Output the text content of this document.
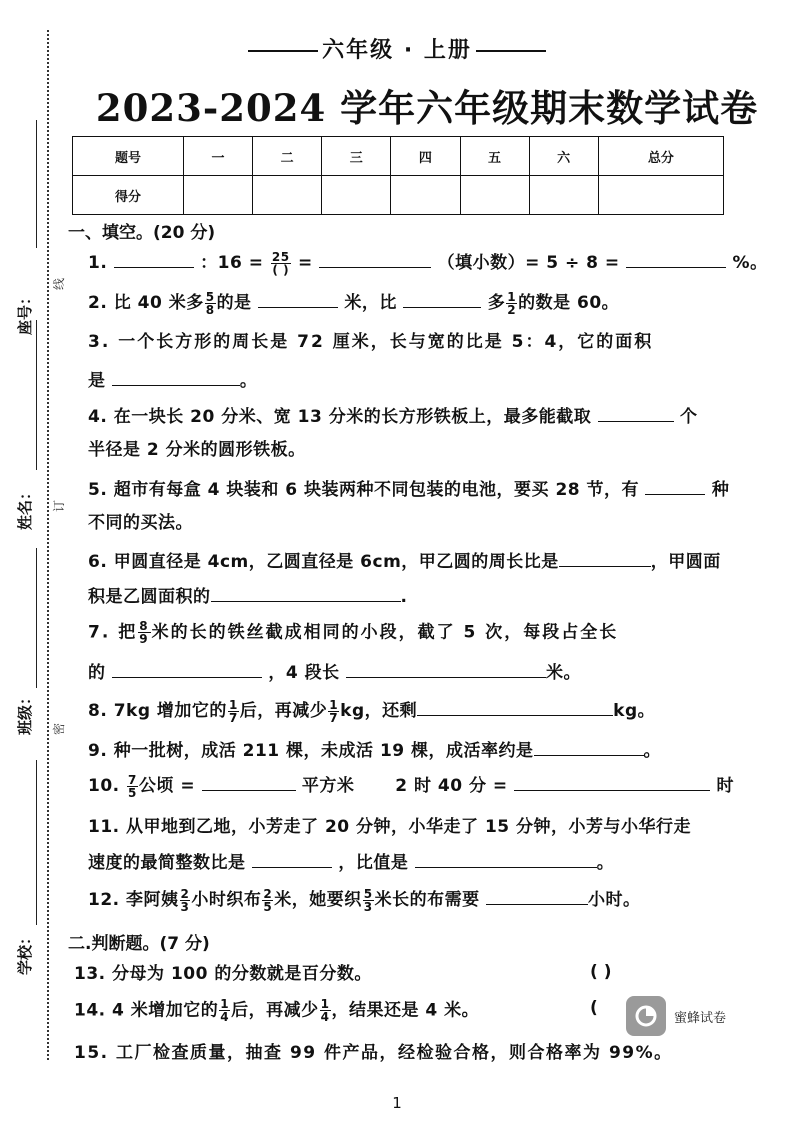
座号：
线
姓名： 订
班级： 密
学校：
六年级 · 上册
2023-2024 学年六年级期末数学试卷
题号	一	二	三	四	五	六	总分
得分							
一、填空。(20 分)
1.	：$16 = \frac{25}{( )}$ =	（填小数）= 5 ÷ 8 =	%。
2. 比 40 米多 $\frac{5}{8}$ 的是	米，比	多 $\frac{1}{2}$ 的数是 60。
3. 一个长方形的周长是 72 厘米，长与宽的比是 5：4，它的面积
是	。
4. 在一块长 20 分米、宽 13 分米的长方形铁板上，最多能截取	个
半径是 2 分米的圆形铁板。
5. 超市有每盒 4 块装和 6 块装两种不同包装的电池，要买 28 节，有	种
不同的买法。
6. 甲圆直径是 4cm，乙圆直径是 6cm，甲乙圆的周长比是	，甲圆面
积是乙圆面积的	.
7. 把 $\frac{8}{9}$ 米的长的铁丝截成相同的小段，截了 5 次，每段占全长
的	，4 段长	米。
8. 7kg 增加它的 $\frac{1}{7}$ 后，再减少 $\frac{1}{7}$ kg，还剩	kg。
9. 种一批树，成活 211 棵，未成活 19 棵，成活率约是	。
10. $\frac{7}{5}$ 公顷 =	平方米 2 时 40 分 =	时
11. 从甲地到乙地，小芳走了 20 分钟，小华走了 15 分钟，小芳与小华行走
速度的最简整数比是	，比值是	。
12. 李阿姨 $\frac{2}{3}$ 小时织布 $\frac{2}{5}$ 米，她要织 $\frac{5}{3}$ 米长的布需要	小时。
二.判断题。(7 分)
13. 分母为 100 的分数就是百分数。	( )
14. 4 米增加它的 $\frac{1}{4}$ 后，再减少 $\frac{1}{4}$ ，结果还是 4 米。	(
15. 工厂检查质量，抽查 99 件产品，经检验合格，则合格率为 99%。
蜜蜂试卷
1
